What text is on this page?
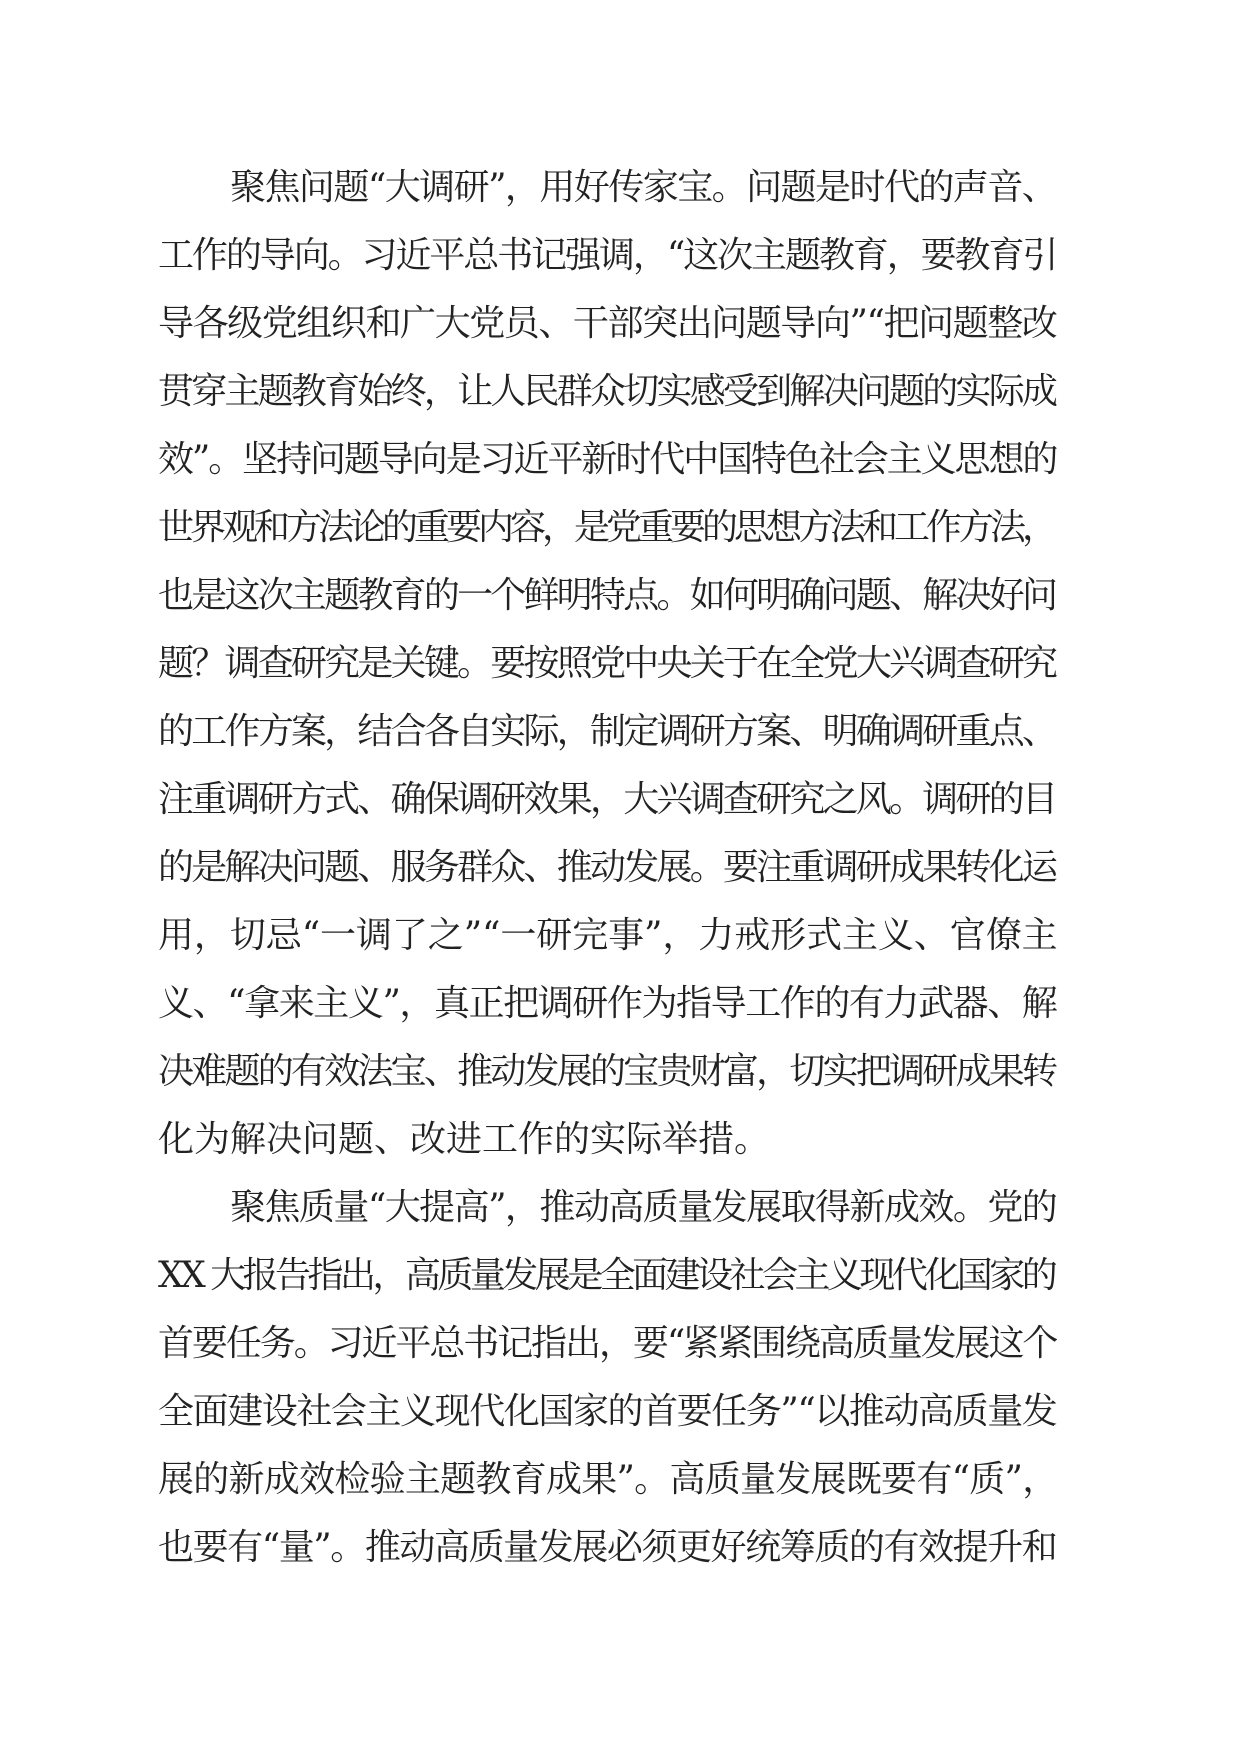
聚焦问题“大调研”，用好传家宝。问题是时代的声音、
工作的导向。习近平总书记强调，“这次主题教育，要教育引
导各级党组织和广大党员、干部突出问题导向”“把问题整改
贯穿主题教育始终，让人民群众切实感受到解决问题的实际成
效”。坚持问题导向是习近平新时代中国特色社会主义思想的
世界观和方法论的重要内容，是党重要的思想方法和工作方法，
也是这次主题教育的一个鲜明特点。如何明确问题、解决好问
题？调查研究是关键。要按照党中央关于在全党大兴调查研究
的工作方案，结合各自实际，制定调研方案、明确调研重点、
注重调研方式、确保调研效果，大兴调查研究之风。调研的目
的是解决问题、服务群众、推动发展。要注重调研成果转化运
用，切忌“一调了之”“一研完事”，力戒形式主义、官僚主
义、“拿来主义”，真正把调研作为指导工作的有力武器、解
决难题的有效法宝、推动发展的宝贵财富，切实把调研成果转
化为解决问题、改进工作的实际举措。
聚焦质量“大提高”，推动高质量发展取得新成效。党的
XX 大报告指出，高质量发展是全面建设社会主义现代化国家的
首要任务。习近平总书记指出，要“紧紧围绕高质量发展这个
全面建设社会主义现代化国家的首要任务”“以推动高质量发
展的新成效检验主题教育成果”。高质量发展既要有“质”，
也要有“量”。推动高质量发展必须更好统筹质的有效提升和
